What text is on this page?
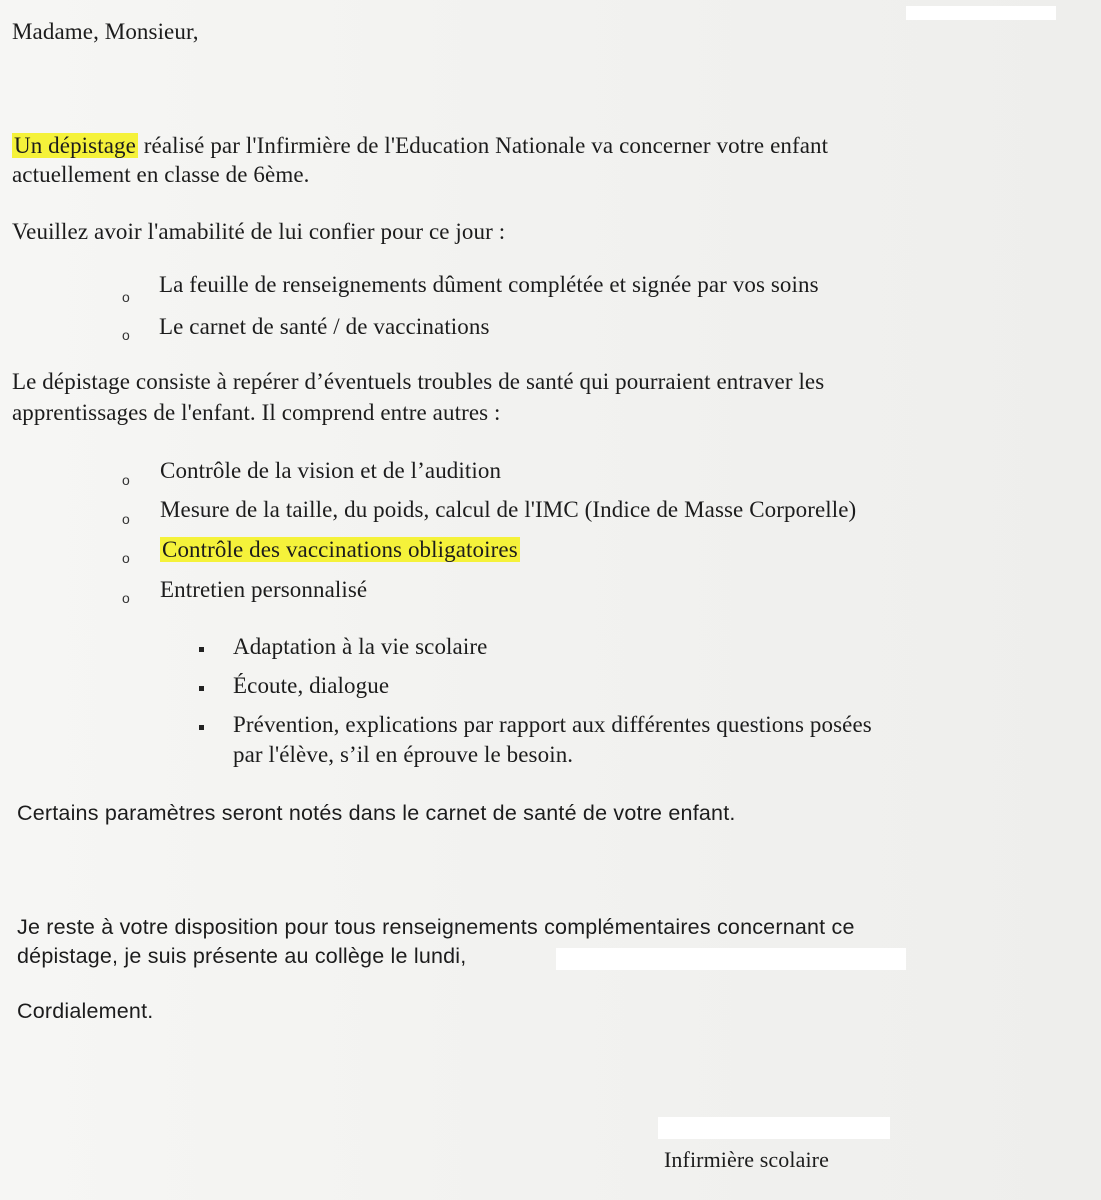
Madame, Monsieur,
Un dépistage réalisé par l'Infirmière de l'Education Nationale va concerner votre enfant
actuellement en classe de 6ème.
Veuillez avoir l'amabilité de lui confier pour ce jour :
o La feuille de renseignements dûment complétée et signée par vos soins
o Le carnet de santé / de vaccinations
Le dépistage consiste à repérer d’éventuels troubles de santé qui pourraient entraver les
apprentissages de l'enfant. Il comprend entre autres :
o Contrôle de la vision et de l’audition
o Mesure de la taille, du poids, calcul de l'IMC (Indice de Masse Corporelle)
o Contrôle des vaccinations obligatoires
o Entretien personnalisé
Adaptation à la vie scolaire
Écoute, dialogue
Prévention, explications par rapport aux différentes questions posées
par l'élève, s’il en éprouve le besoin.
Certains paramètres seront notés dans le carnet de santé de votre enfant.
Je reste à votre disposition pour tous renseignements complémentaires concernant ce
dépistage, je suis présente au collège le lundi,
Cordialement.
Infirmière scolaire
